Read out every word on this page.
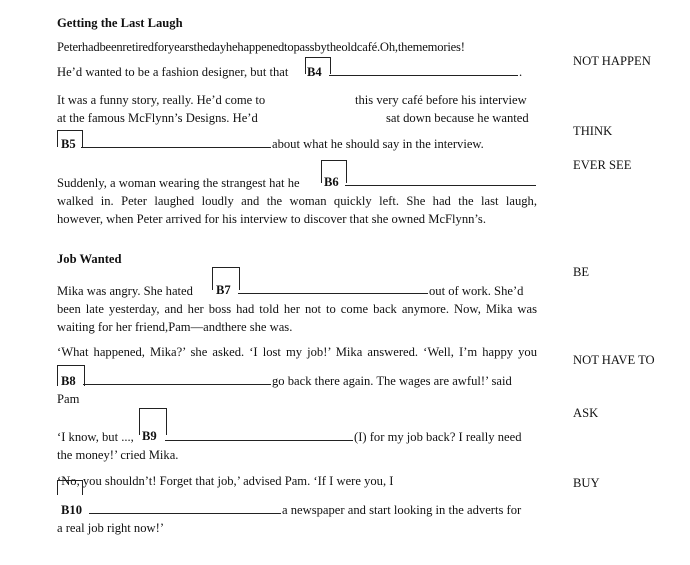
Getting the Last Laugh
Peterhadbeenretiredforyearsthedayhehappenedtopassbytheoldcafé.Oh,thememories!
He’d wanted to be a fashion designer, but that B4	.
It was a funny story, really. He’d come to	this very café before his interview
at the famous McFlynn’s Designs. He’d	sat down because he wanted
B5	about what he should say in the interview.
Suddenly, a woman wearing the strangest hat he B6
walked in. Peter laughed loudly and the woman quickly left. She had the last laugh,
however, when Peter arrived for his interview to discover that she owned McFlynn’s.
Job Wanted
Mika was angry. She hated B7	out of work. She’d
been late yesterday, and her boss had told her not to come back anymore. Now, Mika was
waiting for her friend,Pam—andthere she was.
‘What happened, Mika?’ she asked. ‘I lost my job!’ Mika answered. ‘Well, I’m happy you
B8	go back there again. The wages are awful!’ said
Pam
‘I know, but ..., B9	(I) for my job back? I really need
the money!’ cried Mika.
‘No, you shouldn’t! Forget that job,’ advised Pam. ‘If I were you, I
B10	a newspaper and start looking in the adverts for
a real job right now!’
NOT HAPPEN
THINK
EVER SEE
BE
NOT HAVE TO
ASK
BUY
